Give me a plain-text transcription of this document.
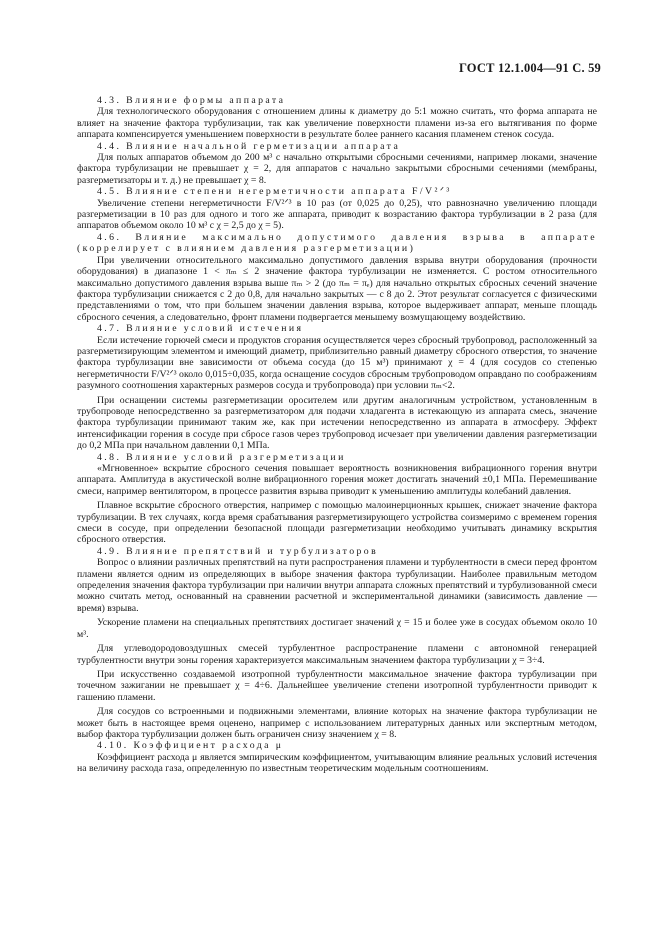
ГОСТ 12.1.004—91 С. 59

4.3. Влияние формы аппарата

Для технологического оборудования с отношением длины к диаметру до 5:1 можно считать, что форма аппарата не влияет на значение фактора турбулизации, так как увеличение поверхности пламени из-за его вытягивания по форме аппарата компенсируется уменьшением поверхности в результате более раннего касания пламенем стенок сосуда.

4.4. Влияние начальной герметизации аппарата

Для полых аппаратов объемом до 200 м³ с начально открытыми сбросными сечениями, например люками, значение фактора турбулизации не превышает χ = 2, для аппаратов с начально закрытыми сбросными сечениями (мембраны, разгерметизаторы и т. д.) не превышает χ = 8.

4.5. Влияние степени негерметичности аппарата F/V²ᐟ³

Увеличение степени негерметичности F/V²ᐟ³ в 10 раз (от 0,025 до 0,25), что равнозначно увеличению площади разгерметизации в 10 раз для одного и того же аппарата, приводит к возрастанию фактора турбулизации в 2 раза (для аппаратов объемом около 10 м³ с χ = 2,5 до χ = 5).

4.6. Влияние максимально допустимого давления взрыва в аппарате (коррелирует с влиянием давления разгерметизации)

При увеличении относительного максимально допустимого давления взрыва внутри оборудования (прочности оборудования) в диапазоне 1 < πₘ ≤ 2 значение фактора турбулизации не изменяется. С ростом относительного максимально допустимого давления взрыва выше πₘ > 2 (до πₘ = πₑ) для начально открытых сбросных сечений значение фактора турбулизации снижается с 2 до 0,8, для начально закрытых — с 8 до 2. Этот результат согласуется с физическими представлениями о том, что при бо́льшем значении давления взрыва, которое выдерживает аппарат, меньше площадь сбросного сечения, а следовательно, фронт пламени подвергается меньшему возмущающему воздействию.

4.7. Влияние условий истечения

Если истечение горючей смеси и продуктов сгорания осуществляется через сбросный трубопровод, расположенный за разгерметизирующим элементом и имеющий диаметр, приблизительно равный диаметру сбросного отверстия, то значение фактора турбулизации вне зависимости от объема сосуда (до 15 м³) принимают χ = 4 (для сосудов со степенью негерметичности F/V²ᐟ³ около 0,015÷0,035, когда оснащение сосудов сбросным трубопроводом оправдано по соображениям разумного соотношения характерных размеров сосуда и трубопровода) при условии πₘ<2.

При оснащении системы разгерметизации оросителем или другим аналогичным устройством, установленным в трубопроводе непосредственно за разгерметизатором для подачи хладагента в истекающую из аппарата смесь, значение фактора турбулизации принимают таким же, как при истечении непосредственно из аппарата в атмосферу. Эффект интенсификации горения в сосуде при сбросе газов через трубопровод исчезает при увеличении давления разгерметизации до 0,2 МПа при начальном давлении 0,1 МПа.

4.8. Влияние условий разгерметизации

«Мгновенное» вскрытие сбросного сечения повышает вероятность возникновения вибрационного горения внутри аппарата. Амплитуда в акустической волне вибрационного горения может достигать значений ±0,1 МПа. Перемешивание смеси, например вентилятором, в процессе развития взрыва приводит к уменьшению амплитуды колебаний давления.

Плавное вскрытие сбросного отверстия, например с помощью малоинерционных крышек, снижает значение фактора турбулизации. В тех случаях, когда время срабатывания разгерметизирующего устройства соизмеримо с временем горения смеси в сосуде, при определении безопасной площади разгерметизации необходимо учитывать динамику вскрытия сбросного отверстия.

4.9. Влияние препятствий и турбулизаторов

Вопрос о влиянии различных препятствий на пути распространения пламени и турбулентности в смеси перед фронтом пламени является одним из определяющих в выборе значения фактора турбулизации. Наиболее правильным методом определения значения фактора турбулизации при наличии внутри аппарата сложных препятствий и турбулизованной смеси можно считать метод, основанный на сравнении расчетной и экспериментальной динамики (зависимость давление — время) взрыва.

Ускорение пламени на специальных препятствиях достигает значений χ = 15 и более уже в сосудах объемом около 10 м³.

Для углеводородовоздушных смесей турбулентное распространение пламени с автономной генерацией турбулентности внутри зоны горения характеризуется максимальным значением фактора турбулизации χ = 3÷4.

При искусственно создаваемой изотропной турбулентности максимальное значение фактора турбулизации при точечном зажигании не превышает χ = 4÷6. Дальнейшее увеличение степени изотропной турбулентности приводит к гашению пламени.

Для сосудов со встроенными и подвижными элементами, влияние которых на значение фактора турбулизации не может быть в настоящее время оценено, например с использованием литературных данных или экспертным методом, выбор фактора турбулизации должен быть ограничен снизу значением χ = 8.

4.10. Коэффициент расхода μ

Коэффициент расхода μ является эмпирическим коэффициентом, учитывающим влияние реальных условий истечения на величину расхода газа, определенную по известным теоретическим модельным соотношениям.
